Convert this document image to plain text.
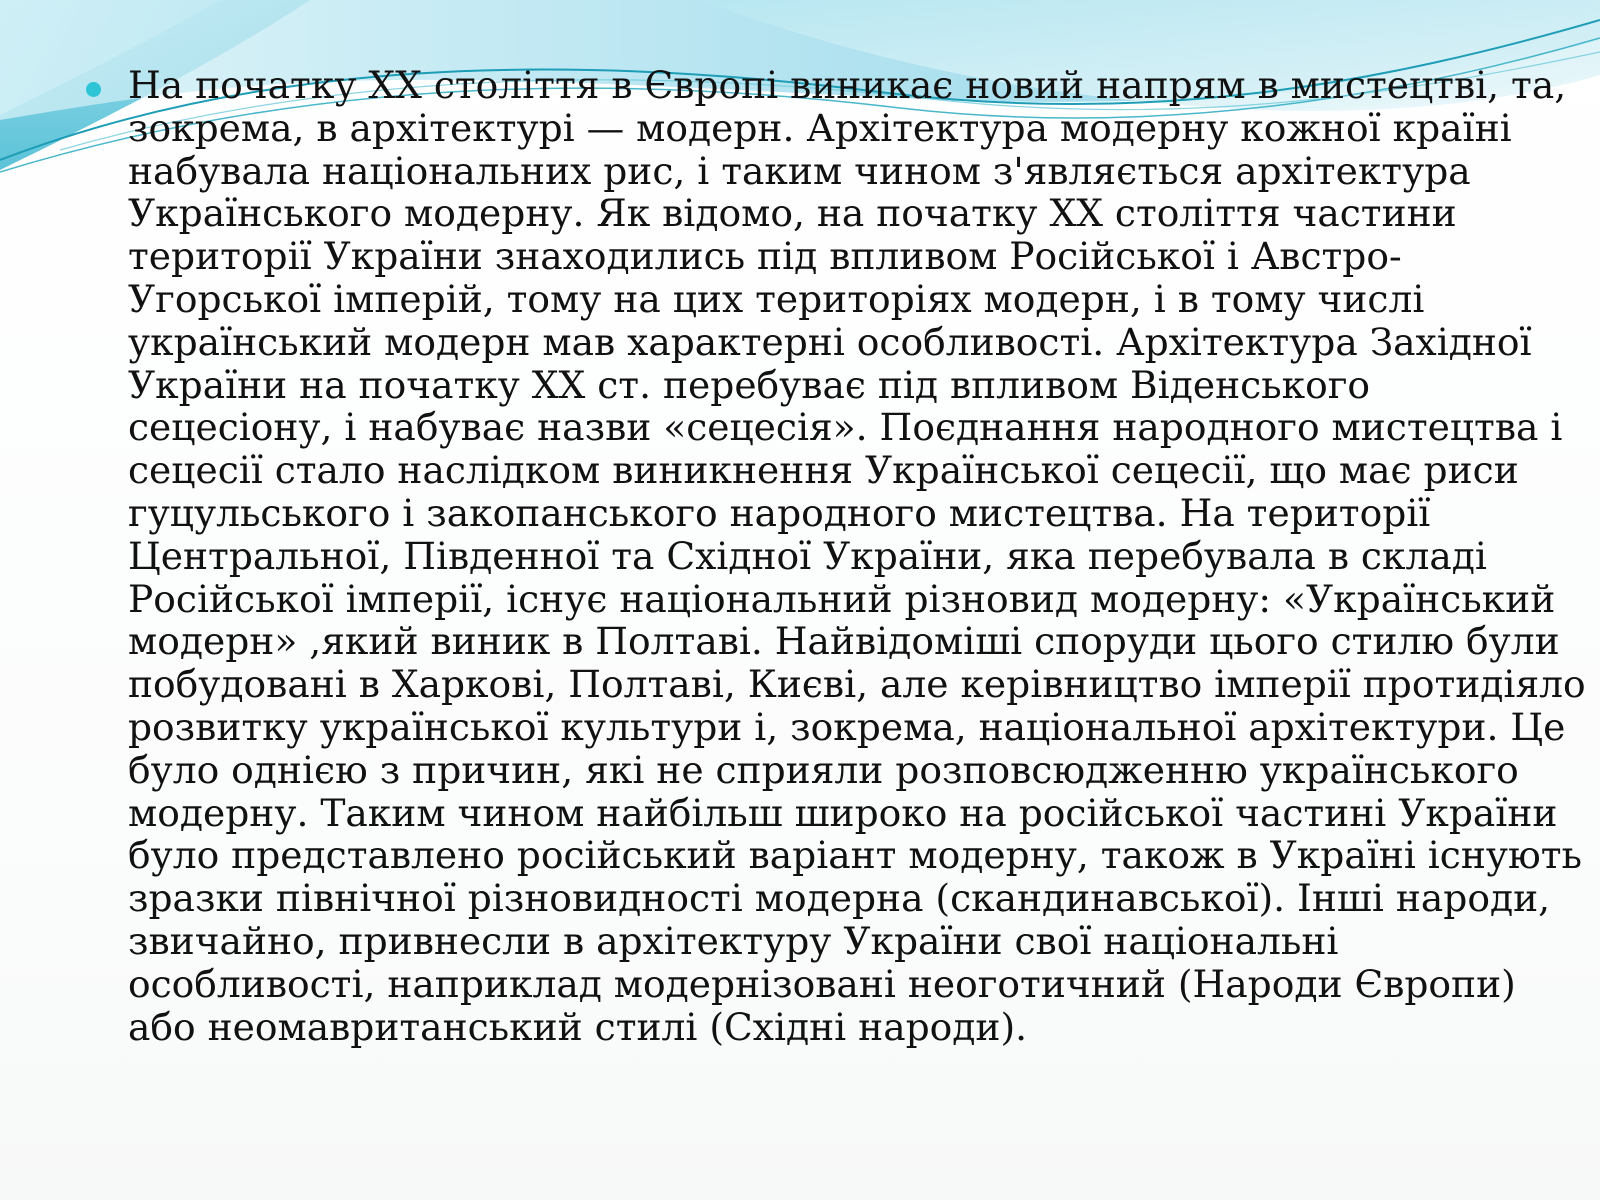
На початку XX століття в Європі виникає новий напрям в мистецтві, та, зокрема, в архітектурі — модерн. Архітектура модерну кожної країні набувала національних рис, і таким чином з'являється архітектура Українського модерну. Як відомо, на початку XX століття частини території України знаходились під впливом Російської і Австро-Угорської імперій, тому на цих територіях модерн, і в тому числі український модерн мав характерні особливості. Архітектура Західної України на початку XX ст. перебуває під впливом Віденського сецесіону, і набуває назви «сецесія». Поєднання народного мистецтва і сецесії стало наслідком виникнення Української сецесії, що має риси гуцульського і закопанського народного мистецтва. На території Центральної, Південної та Східної України, яка перебувала в складі Російської імперії, існує національний різновид модерну: «Український модерн» ,який виник в Полтаві. Найвідоміші споруди цього стилю були побудовані в Харкові, Полтаві, Києві, але керівництво імперії протидіяло розвитку української культури і, зокрема, національної архітектури. Це було однією з причин, які не сприяли розповсюдженню українського модерну. Таким чином найбільш широко на російської частині України було представлено російський варіант модерну, також в Україні існують зразки північної різновидності модерна (скандинавської). Інші народи, звичайно, привнесли в архітектуру України свої національні особливості, наприклад модернізовані неоготичний (Народи Європи) або неомавританський стилі (Східні народи).
